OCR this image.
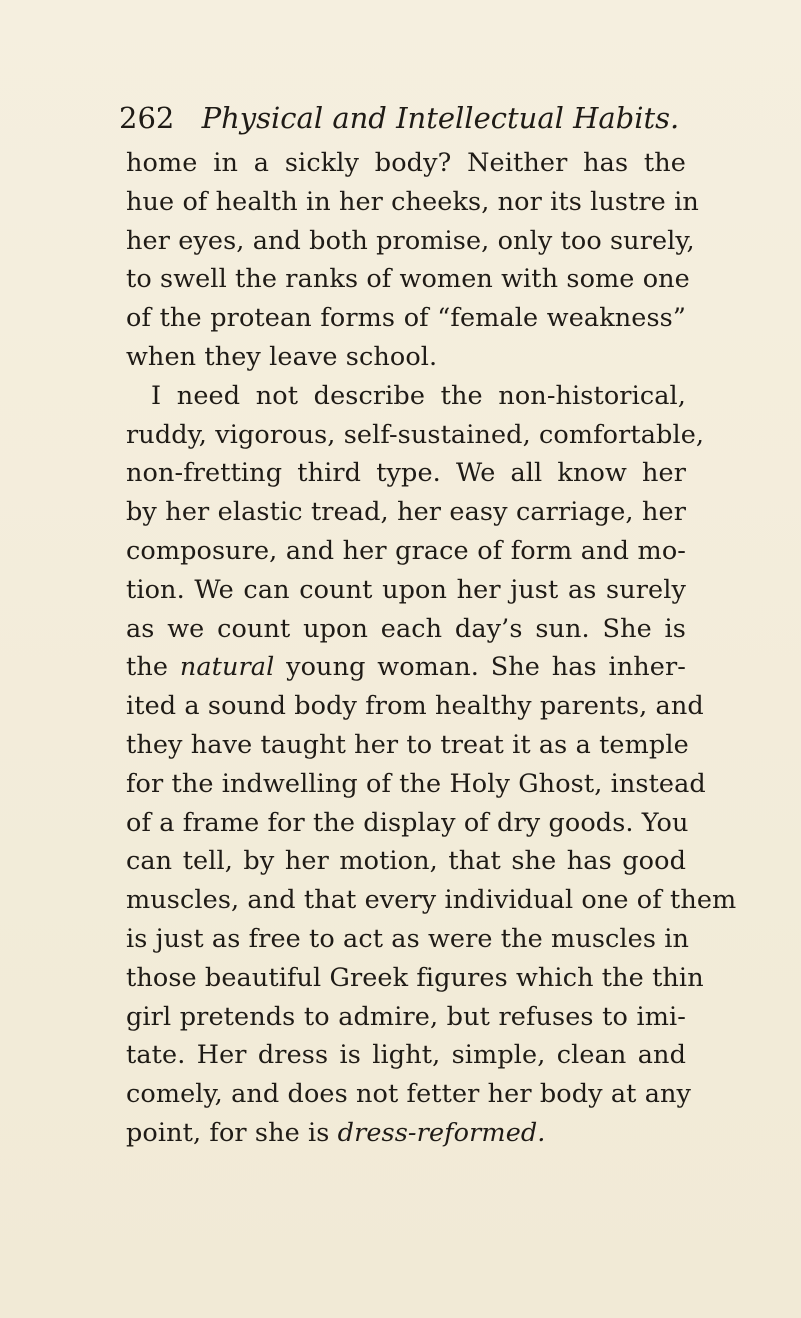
262 Physical and Intellectual Habits.
home in a sickly body? Neither has the
hue of health in her cheeks, nor its lustre in
her eyes, and both promise, only too surely,
to swell the ranks of women with some one
of the protean forms of “female weakness”
when they leave school.
I need not describe the non-historical,
ruddy, vigorous, self-sustained, comfortable,
non-fretting third type. We all know her
by her elastic tread, her easy carriage, her
composure, and her grace of form and mo-
tion. We can count upon her just as surely
as we count upon each day’s sun. She is
the natural young woman. She has inher-
ited a sound body from healthy parents, and
they have taught her to treat it as a temple
for the indwelling of the Holy Ghost, instead
of a frame for the display of dry goods. You
can tell, by her motion, that she has good
muscles, and that every individual one of them
is just as free to act as were the muscles in
those beautiful Greek figures which the thin
girl pretends to admire, but refuses to imi-
tate. Her dress is light, simple, clean and
comely, and does not fetter her body at any
point, for she is dress-reformed.
